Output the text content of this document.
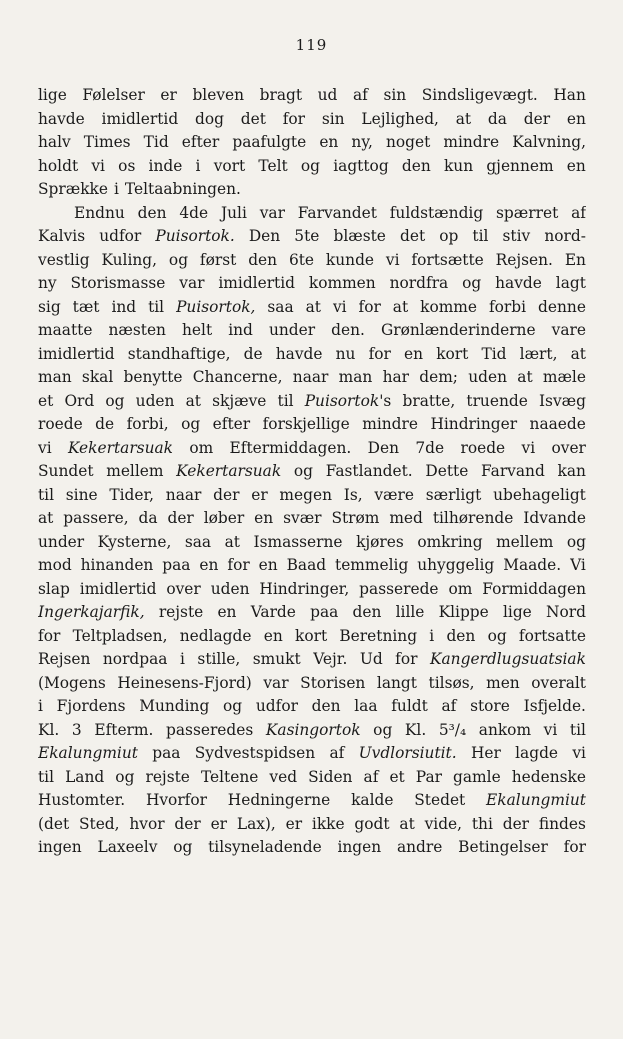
119
lige Følelser er bleven bragt ud af sin Sindsligevægt. Han
havde imidlertid dog det for sin Lejlighed, at da der en
halv Times Tid efter paafulgte en ny, noget mindre Kalvning,
holdt vi os inde i vort Telt og iagttog den kun gjennem en
Sprække i Teltaabningen.
Endnu den 4de Juli var Farvandet fuldstændig spærret af
Kalvis udfor Puisortok. Den 5te blæste det op til stiv nord-
vestlig Kuling, og først den 6te kunde vi fortsætte Rejsen. En
ny Storismasse var imidlertid kommen nordfra og havde lagt
sig tæt ind til Puisortok, saa at vi for at komme forbi denne
maatte næsten helt ind under den. Grønlænderinderne vare
imidlertid standhaftige, de havde nu for en kort Tid lært, at
man skal benytte Chancerne, naar man har dem; uden at mæle
et Ord og uden at skjæve til Puisortok's bratte, truende Isvæg
roede de forbi, og efter forskjellige mindre Hindringer naaede
vi Kekertarsuak om Eftermiddagen. Den 7de roede vi over
Sundet mellem Kekertarsuak og Fastlandet. Dette Farvand kan
til sine Tider, naar der er megen Is, være særligt ubehageligt
at passere, da der løber en svær Strøm med tilhørende Idvande
under Kysterne, saa at Ismasserne kjøres omkring mellem og
mod hinanden paa en for en Baad temmelig uhyggelig Maade. Vi
slap imidlertid over uden Hindringer, passerede om Formiddagen
Ingerkajarfik, rejste en Varde paa den lille Klippe lige Nord
for Teltpladsen, nedlagde en kort Beretning i den og fortsatte
Rejsen nordpaa i stille, smukt Vejr. Ud for Kangerdlugsuatsiak
(Mogens Heinesens-Fjord) var Storisen langt tilsøs, men overalt
i Fjordens Munding og udfor den laa fuldt af store Isfjelde.
Kl. 3 Efterm. passeredes Kasingortok og Kl. 5³/₄ ankom vi til
Ekalungmiut paa Sydvestspidsen af Uvdlorsiutit. Her lagde vi
til Land og rejste Teltene ved Siden af et Par gamle hedenske
Hustomter. Hvorfor Hedningerne kalde Stedet Ekalungmiut
(det Sted, hvor der er Lax), er ikke godt at vide, thi der findes
ingen Laxeelv og tilsyneladende ingen andre Betingelser for
